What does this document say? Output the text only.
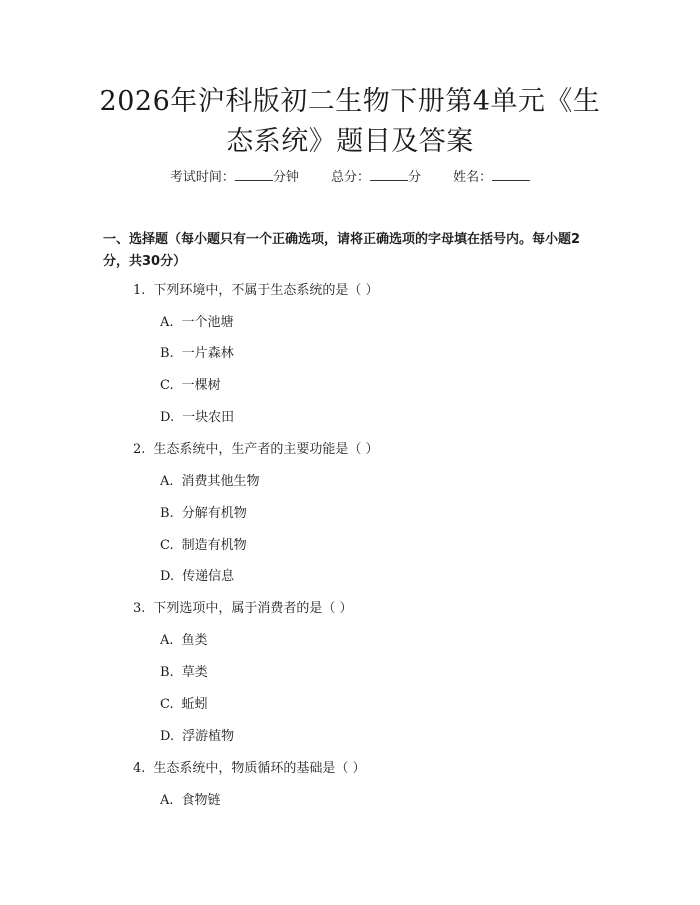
2026年沪科版初二生物下册第4单元《生态系统》题目及答案
考试时间：	分钟 总分：	分 姓名：
一、选择题（每小题只有一个正确选项，请将正确选项的字母填在括号内。每小题2分，共30分）
1. 下列环境中，不属于生态系统的是（ ）
A. 一个池塘
B. 一片森林
C. 一棵树
D. 一块农田
2. 生态系统中，生产者的主要功能是（ ）
A. 消费其他生物
B. 分解有机物
C. 制造有机物
D. 传递信息
3. 下列选项中，属于消费者的是（ ）
A. 鱼类
B. 草类
C. 蚯蚓
D. 浮游植物
4. 生态系统中，物质循环的基础是（ ）
A. 食物链
